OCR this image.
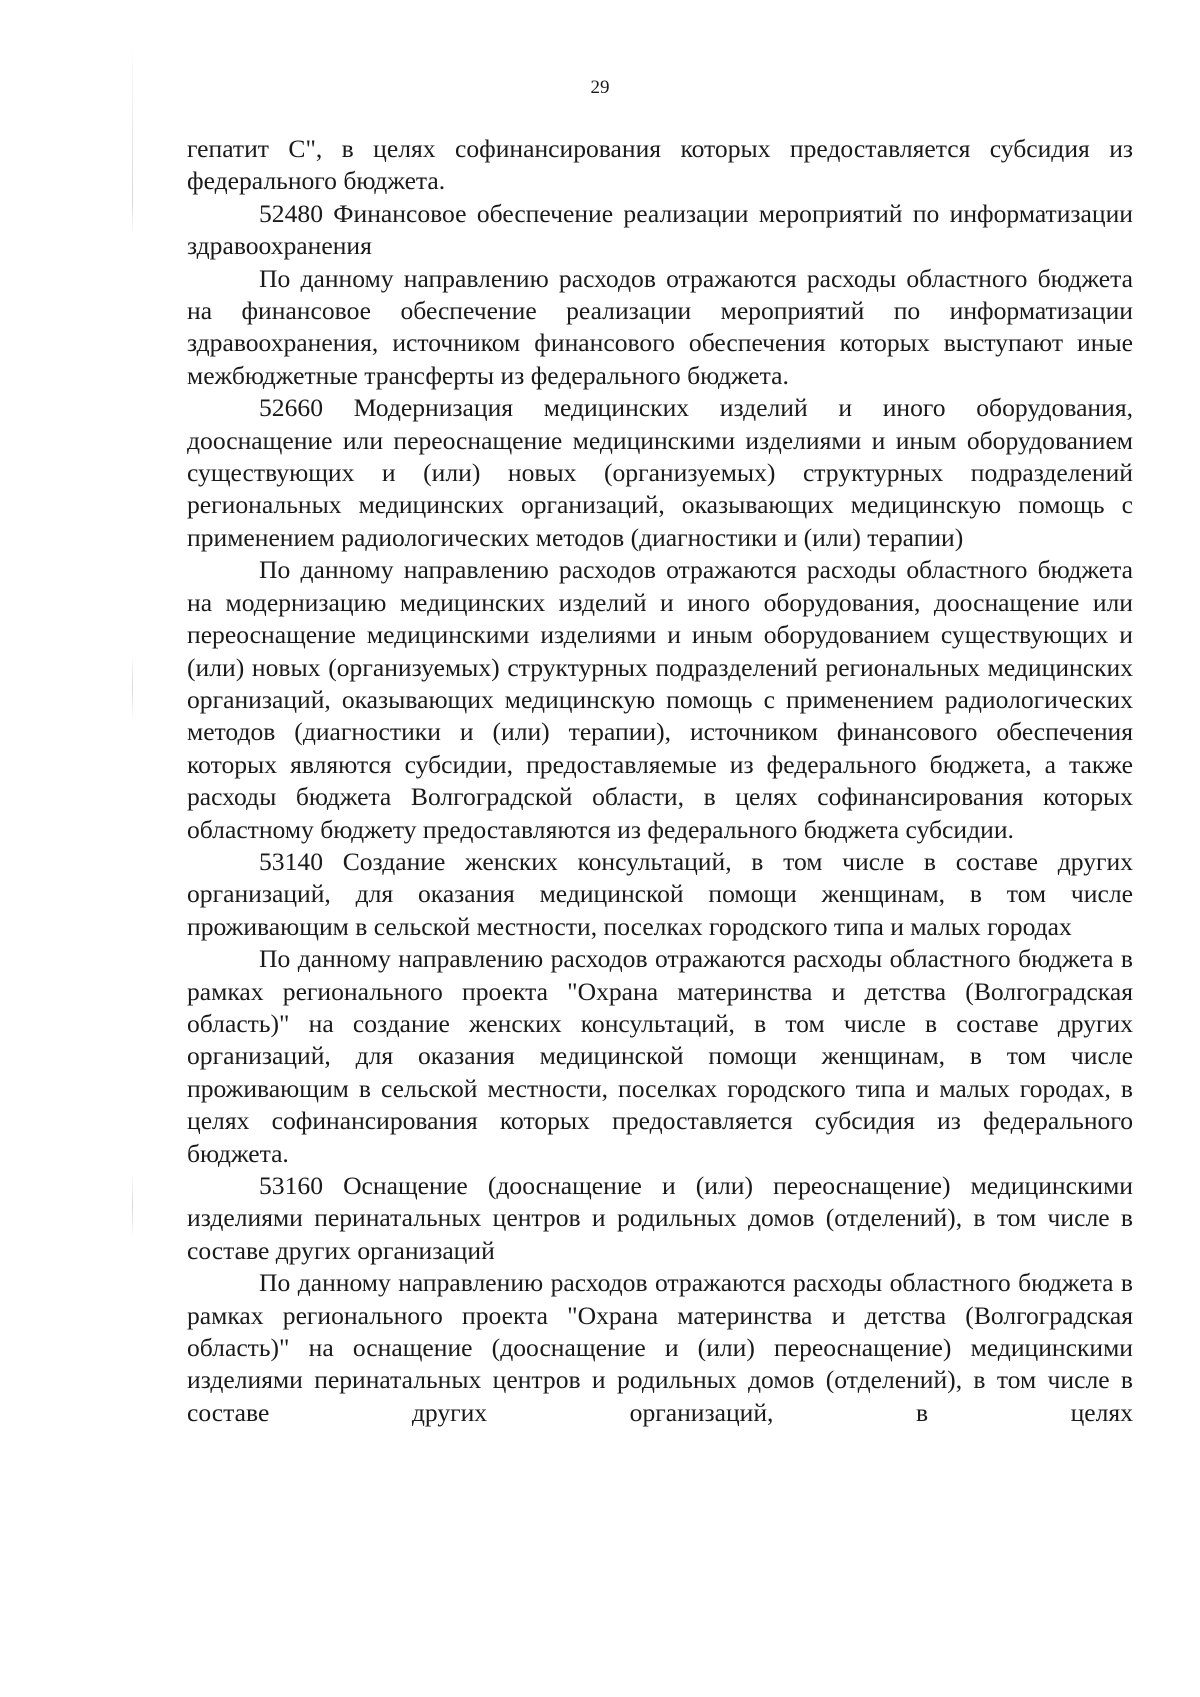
29

гепатит С", в целях софинансирования которых предоставляется субсидия из федерального бюджета.

52480 Финансовое обеспечение реализации мероприятий по информатизации здравоохранения

По данному направлению расходов отражаются расходы областного бюджета на финансовое обеспечение реализации мероприятий по информатизации здравоохранения, источником финансового обеспечения которых выступают иные межбюджетные трансферты из федерального бюджета.

52660 Модернизация медицинских изделий и иного оборудования, дооснащение или переоснащение медицинскими изделиями и иным оборудованием существующих и (или) новых (организуемых) структурных подразделений региональных медицинских организаций, оказывающих медицинскую помощь с применением радиологических методов (диагностики и (или) терапии)

По данному направлению расходов отражаются расходы областного бюджета на модернизацию медицинских изделий и иного оборудования, дооснащение или переоснащение медицинскими изделиями и иным оборудованием существующих и (или) новых (организуемых) структурных подразделений региональных медицинских организаций, оказывающих медицинскую помощь с применением радиологических методов (диагностики и (или) терапии), источником финансового обеспечения которых являются субсидии, предоставляемые из федерального бюджета, а также расходы бюджета Волгоградской области, в целях софинансирования которых областному бюджету предоставляются из федерального бюджета субсидии.

53140 Создание женских консультаций, в том числе в составе других организаций, для оказания медицинской помощи женщинам, в том числе проживающим в сельской местности, поселках городского типа и малых городах

По данному направлению расходов отражаются расходы областного бюджета в рамках регионального проекта "Охрана материнства и детства (Волгоградская область)" на создание женских консультаций, в том числе в составе других организаций, для оказания медицинской помощи женщинам, в том числе проживающим в сельской местности, поселках городского типа и малых городах, в целях софинансирования которых предоставляется субсидия из федерального бюджета.

53160 Оснащение (дооснащение и (или) переоснащение) медицинскими изделиями перинатальных центров и родильных домов (отделений), в том числе в составе других организаций

По данному направлению расходов отражаются расходы областного бюджета в рамках регионального проекта "Охрана материнства и детства (Волгоградская область)" на оснащение (дооснащение и (или) переоснащение) медицинскими изделиями перинатальных центров и родильных домов (отделений), в том числе в составе других организаций, в целях
